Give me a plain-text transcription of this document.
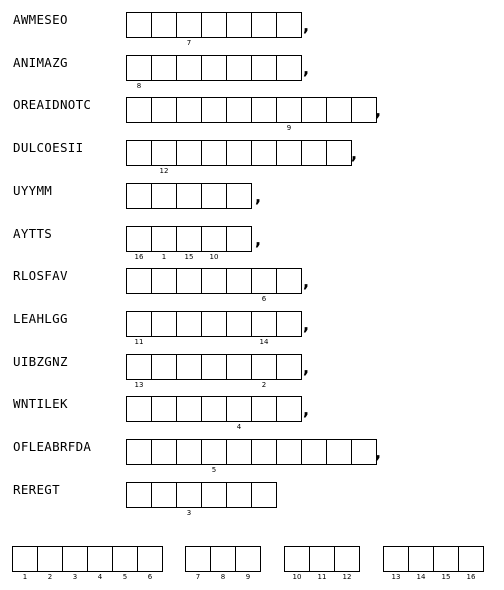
AWMESEO
7
,
ANIMAZG
8
,
OREAIDNOTC
9
,
DULCOESII
12
,
UYYMM	,
AYTTS
16	1	15	10
,
RLOSFAV
6
,
LEAHLGG
11	14
,
UIBZGNZ
13	2
,
WNTILEK
4
,
OFLEABRFDA
5
,
REREGT
3
1	2	3	4	5	6	7	8	9	10	11	12	13	14	15	16
